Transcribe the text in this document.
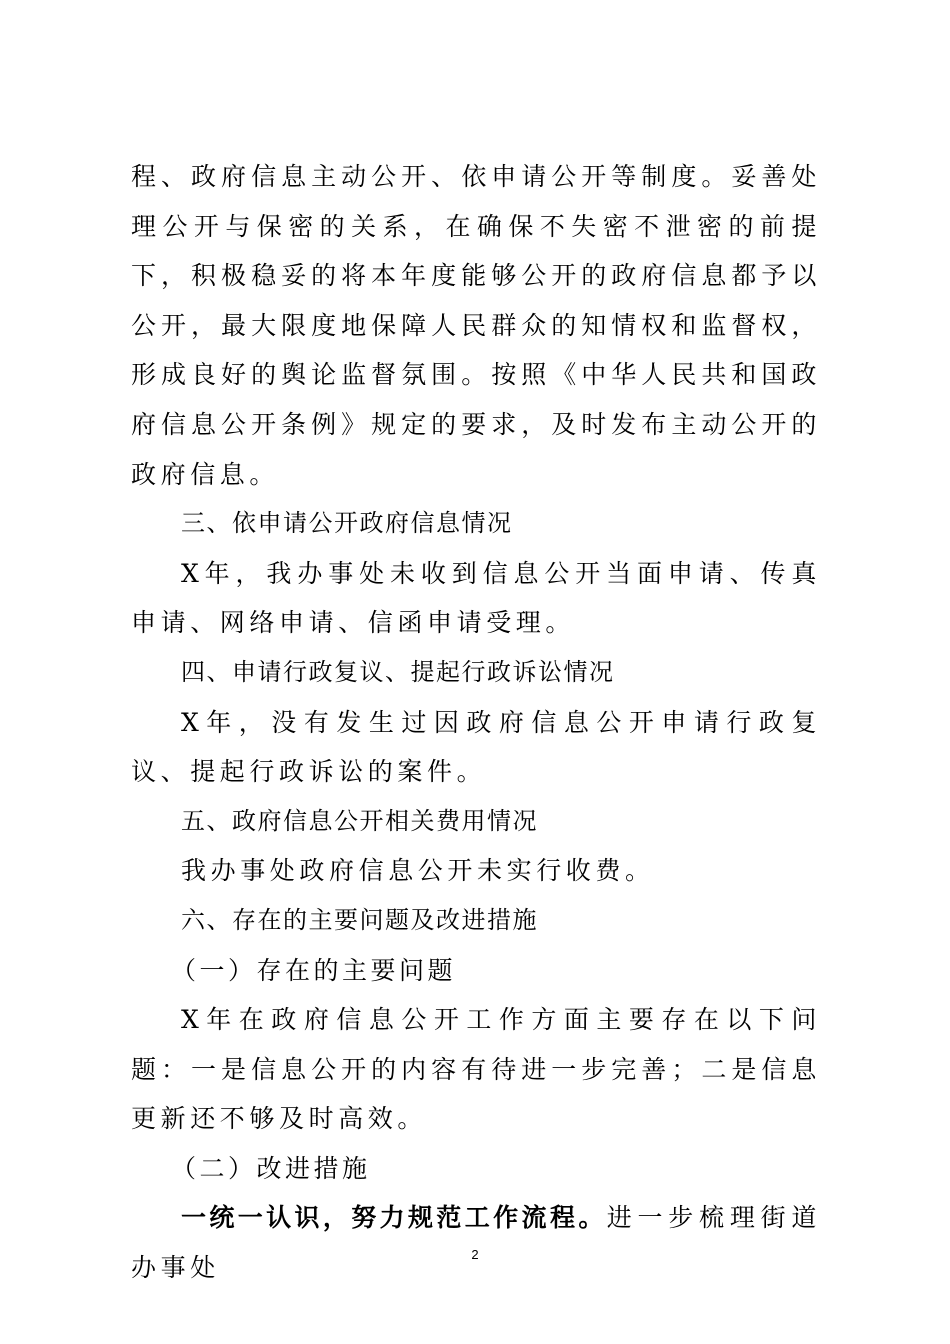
程、政府信息主动公开、依申请公开等制度。妥善处理公开与保密的关系，在确保不失密不泄密的前提下，积极稳妥的将本年度能够公开的政府信息都予以公开，最大限度地保障人民群众的知情权和监督权，形成良好的舆论监督氛围。按照《中华人民共和国政府信息公开条例》规定的要求，及时发布主动公开的政府信息。

三、依申请公开政府信息情况

X年，我办事处未收到信息公开当面申请、传真申请、网络申请、信函申请受理。

四、申请行政复议、提起行政诉讼情况

X年，没有发生过因政府信息公开申请行政复议、提起行政诉讼的案件。

五、政府信息公开相关费用情况

我办事处政府信息公开未实行收费。

六、存在的主要问题及改进措施

（一）存在的主要问题

X年在政府信息公开工作方面主要存在以下问题：一是信息公开的内容有待进一步完善；二是信息更新还不够及时高效。

（二）改进措施

一统一认识，努力规范工作流程。进一步梳理街道办事处	2
